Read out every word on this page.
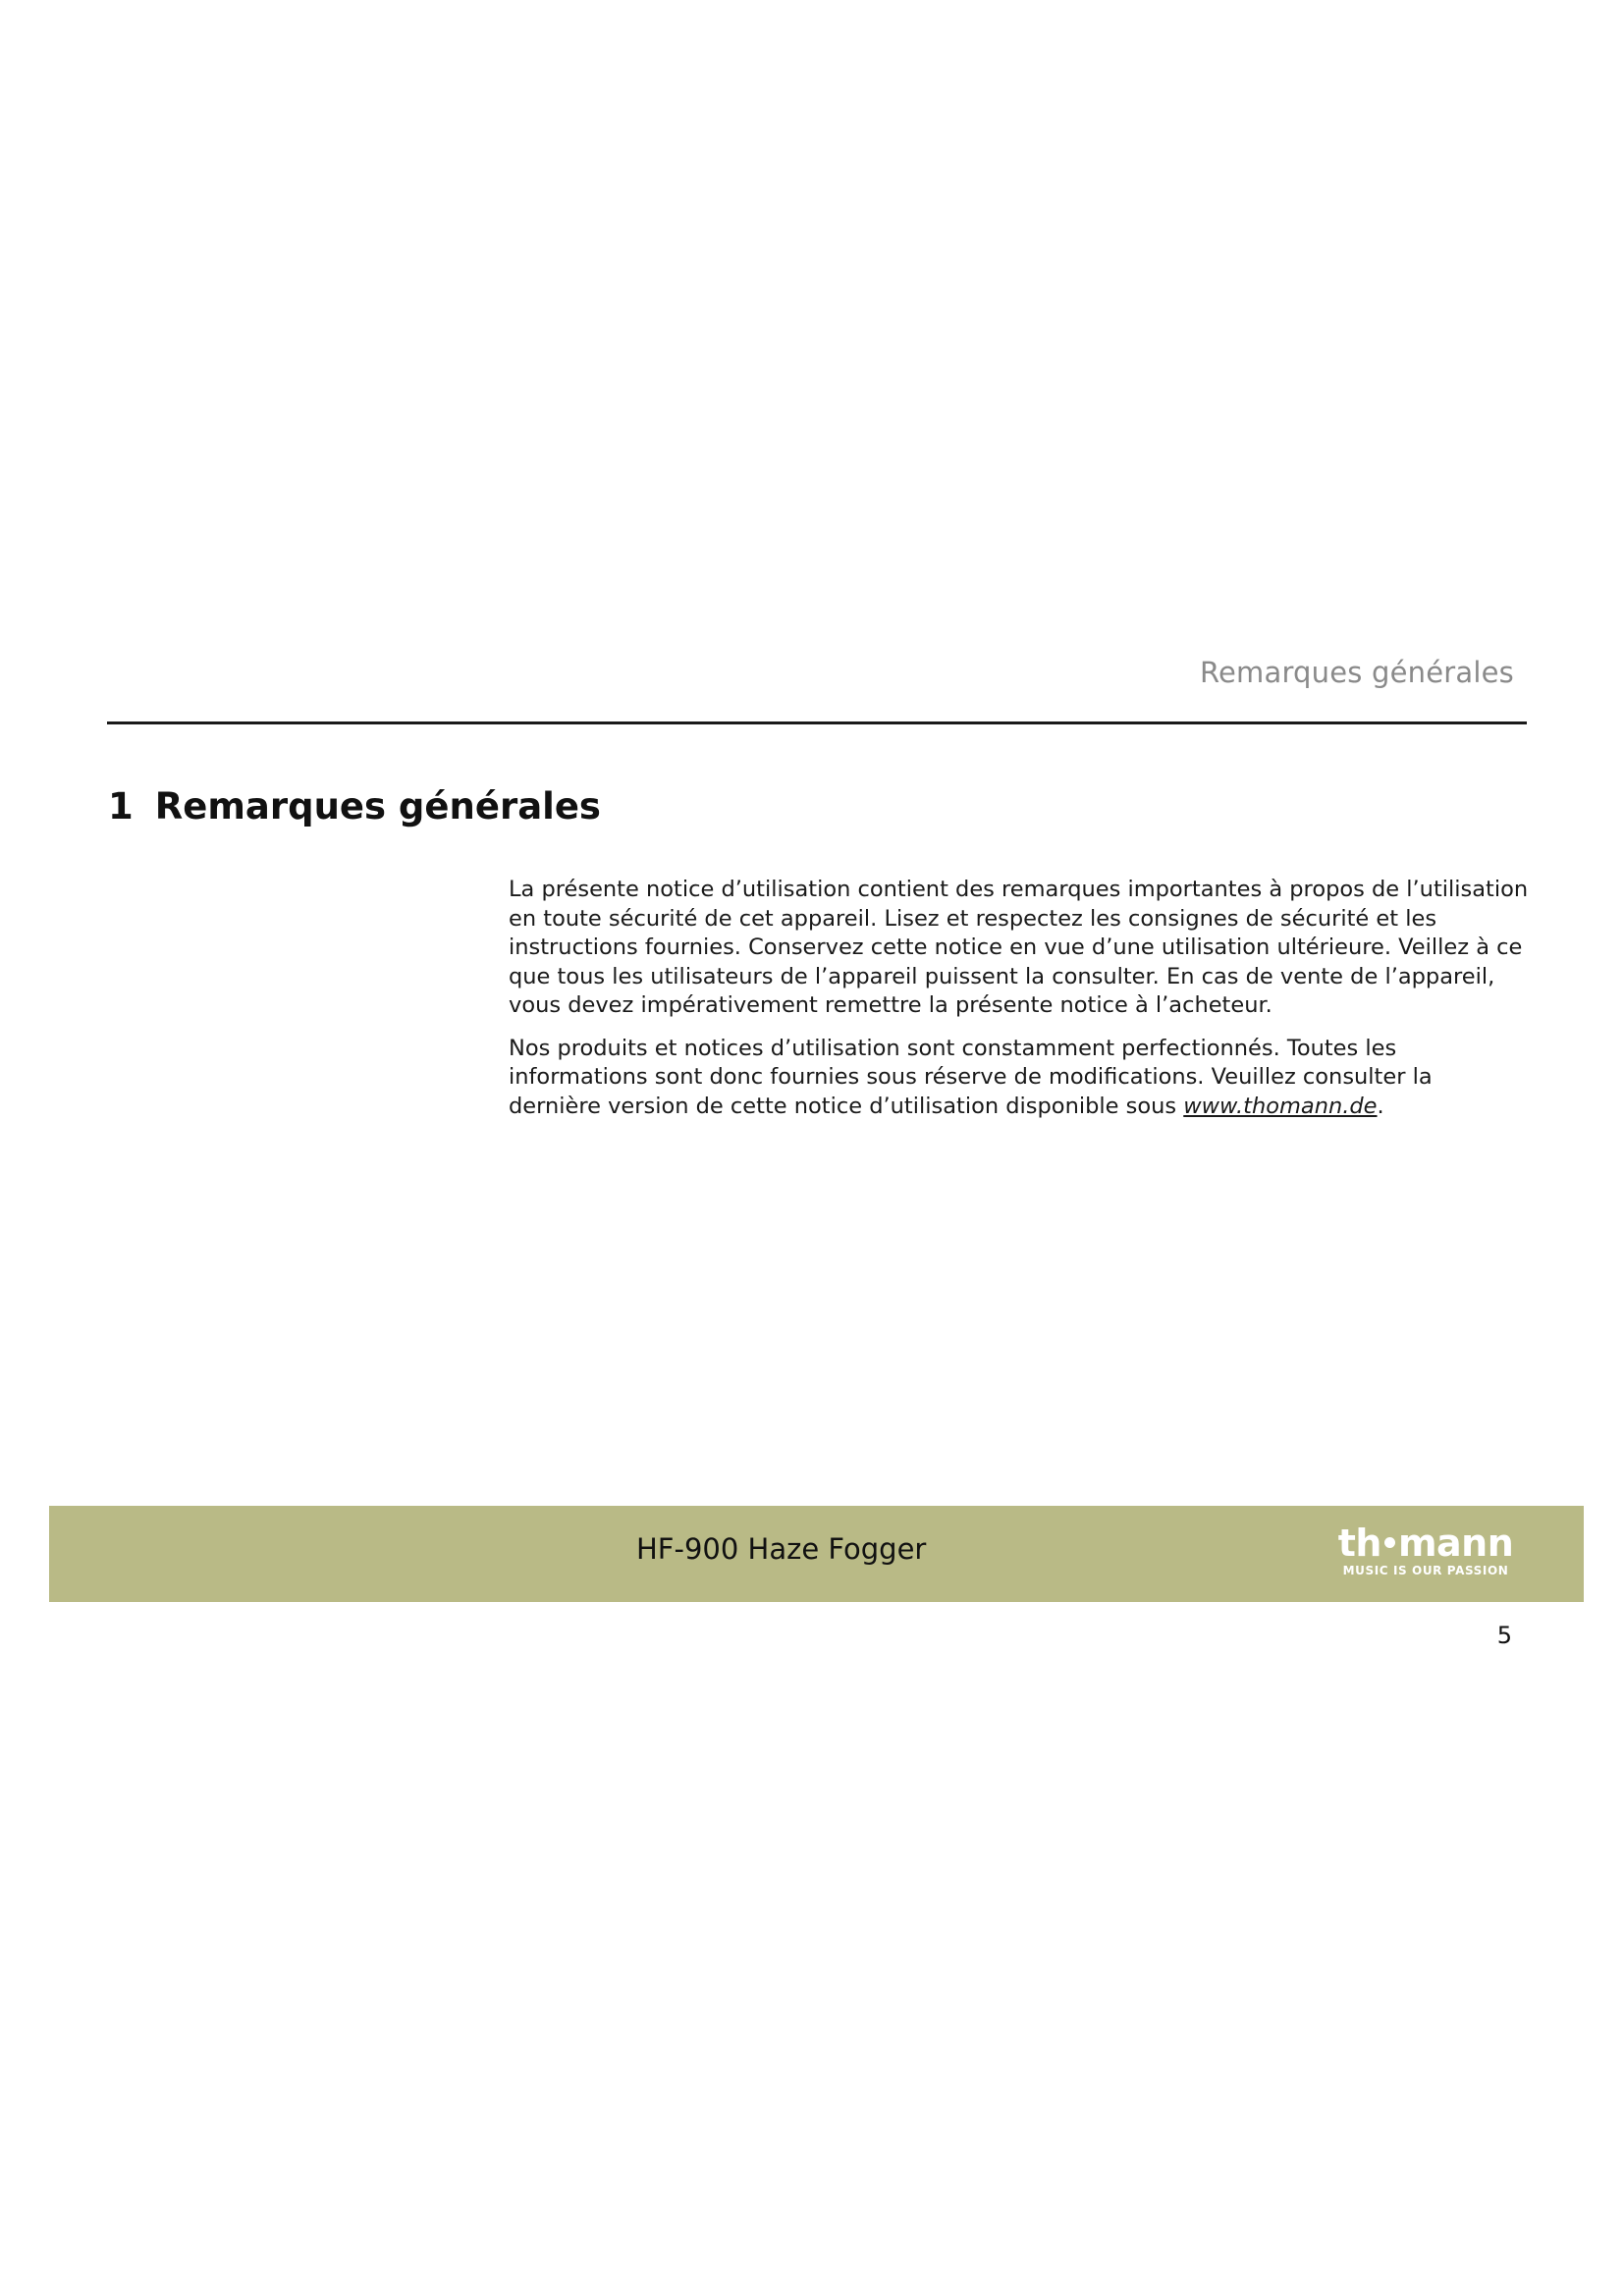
Remarques générales
1 Remarques générales

La présente notice d’utilisation contient des remarques importantes à propos de l’utilisation en toute sécurité de cet appareil. Lisez et respectez les consignes de sécurité et les instructions fournies. Conservez cette notice en vue d’une utilisation ultérieure. Veillez à ce que tous les utilisateurs de l’appareil puissent la consulter. En cas de vente de l’appareil, vous devez impérativement remettre la présente notice à l’acheteur.

Nos produits et notices d’utilisation sont constamment perfectionnés. Toutes les informations sont donc fournies sous réserve de modifications. Veuillez consulter la dernière version de cette notice d’utilisation disponible sous www.thomann.de.

HF-900 Haze Fogger	th mann
MUSIC IS OUR PASSION
5
